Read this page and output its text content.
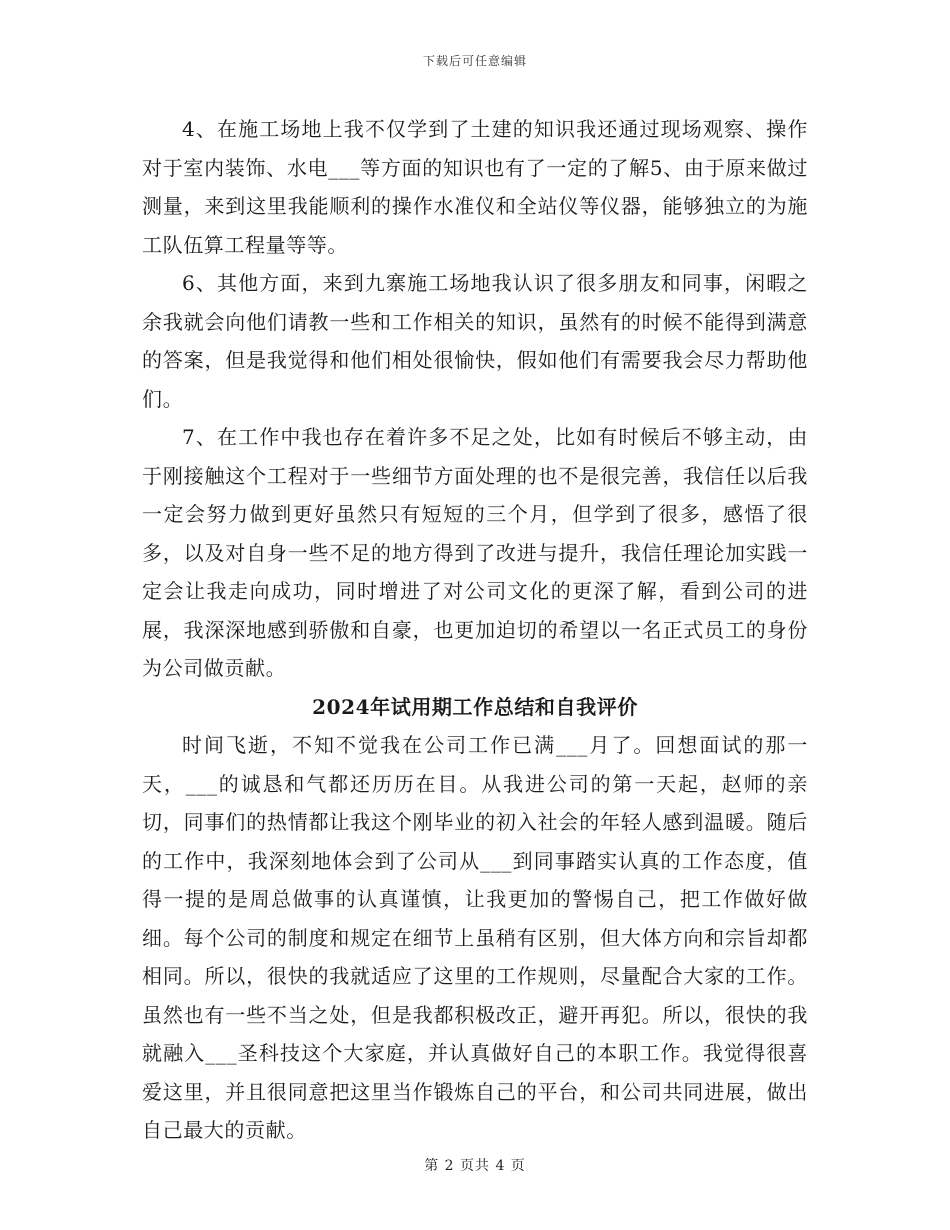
下载后可任意编辑

4、在施工场地上我不仅学到了土建的知识我还通过现场观察、操作对于室内装饰、水电___等方面的知识也有了一定的了解5、由于原来做过测量，来到这里我能顺利的操作水准仪和全站仪等仪器，能够独立的为施工队伍算工程量等等。

6、其他方面，来到九寨施工场地我认识了很多朋友和同事，闲暇之余我就会向他们请教一些和工作相关的知识，虽然有的时候不能得到满意的答案，但是我觉得和他们相处很愉快，假如他们有需要我会尽力帮助他们。

7、在工作中我也存在着许多不足之处，比如有时候后不够主动，由于刚接触这个工程对于一些细节方面处理的也不是很完善，我信任以后我一定会努力做到更好虽然只有短短的三个月，但学到了很多，感悟了很多，以及对自身一些不足的地方得到了改进与提升，我信任理论加实践一定会让我走向成功，同时增进了对公司文化的更深了解，看到公司的进展，我深深地感到骄傲和自豪，也更加迫切的希望以一名正式员工的身份为公司做贡献。

2024年试用期工作总结和自我评价

时间飞逝，不知不觉我在公司工作已满___月了。回想面试的那一天，___的诚恳和气都还历历在目。从我进公司的第一天起，赵师的亲切，同事们的热情都让我这个刚毕业的初入社会的年轻人感到温暖。随后的工作中，我深刻地体会到了公司从___到同事踏实认真的工作态度，值得一提的是周总做事的认真谨慎，让我更加的警惕自己，把工作做好做细。每个公司的制度和规定在细节上虽稍有区别，但大体方向和宗旨却都相同。所以，很快的我就适应了这里的工作规则，尽量配合大家的工作。虽然也有一些不当之处，但是我都积极改正，避开再犯。所以，很快的我就融入___圣科技这个大家庭，并认真做好自己的本职工作。我觉得很喜爱这里，并且很同意把这里当作锻炼自己的平台，和公司共同进展，做出自己最大的贡献。

第 2 页共 4 页
